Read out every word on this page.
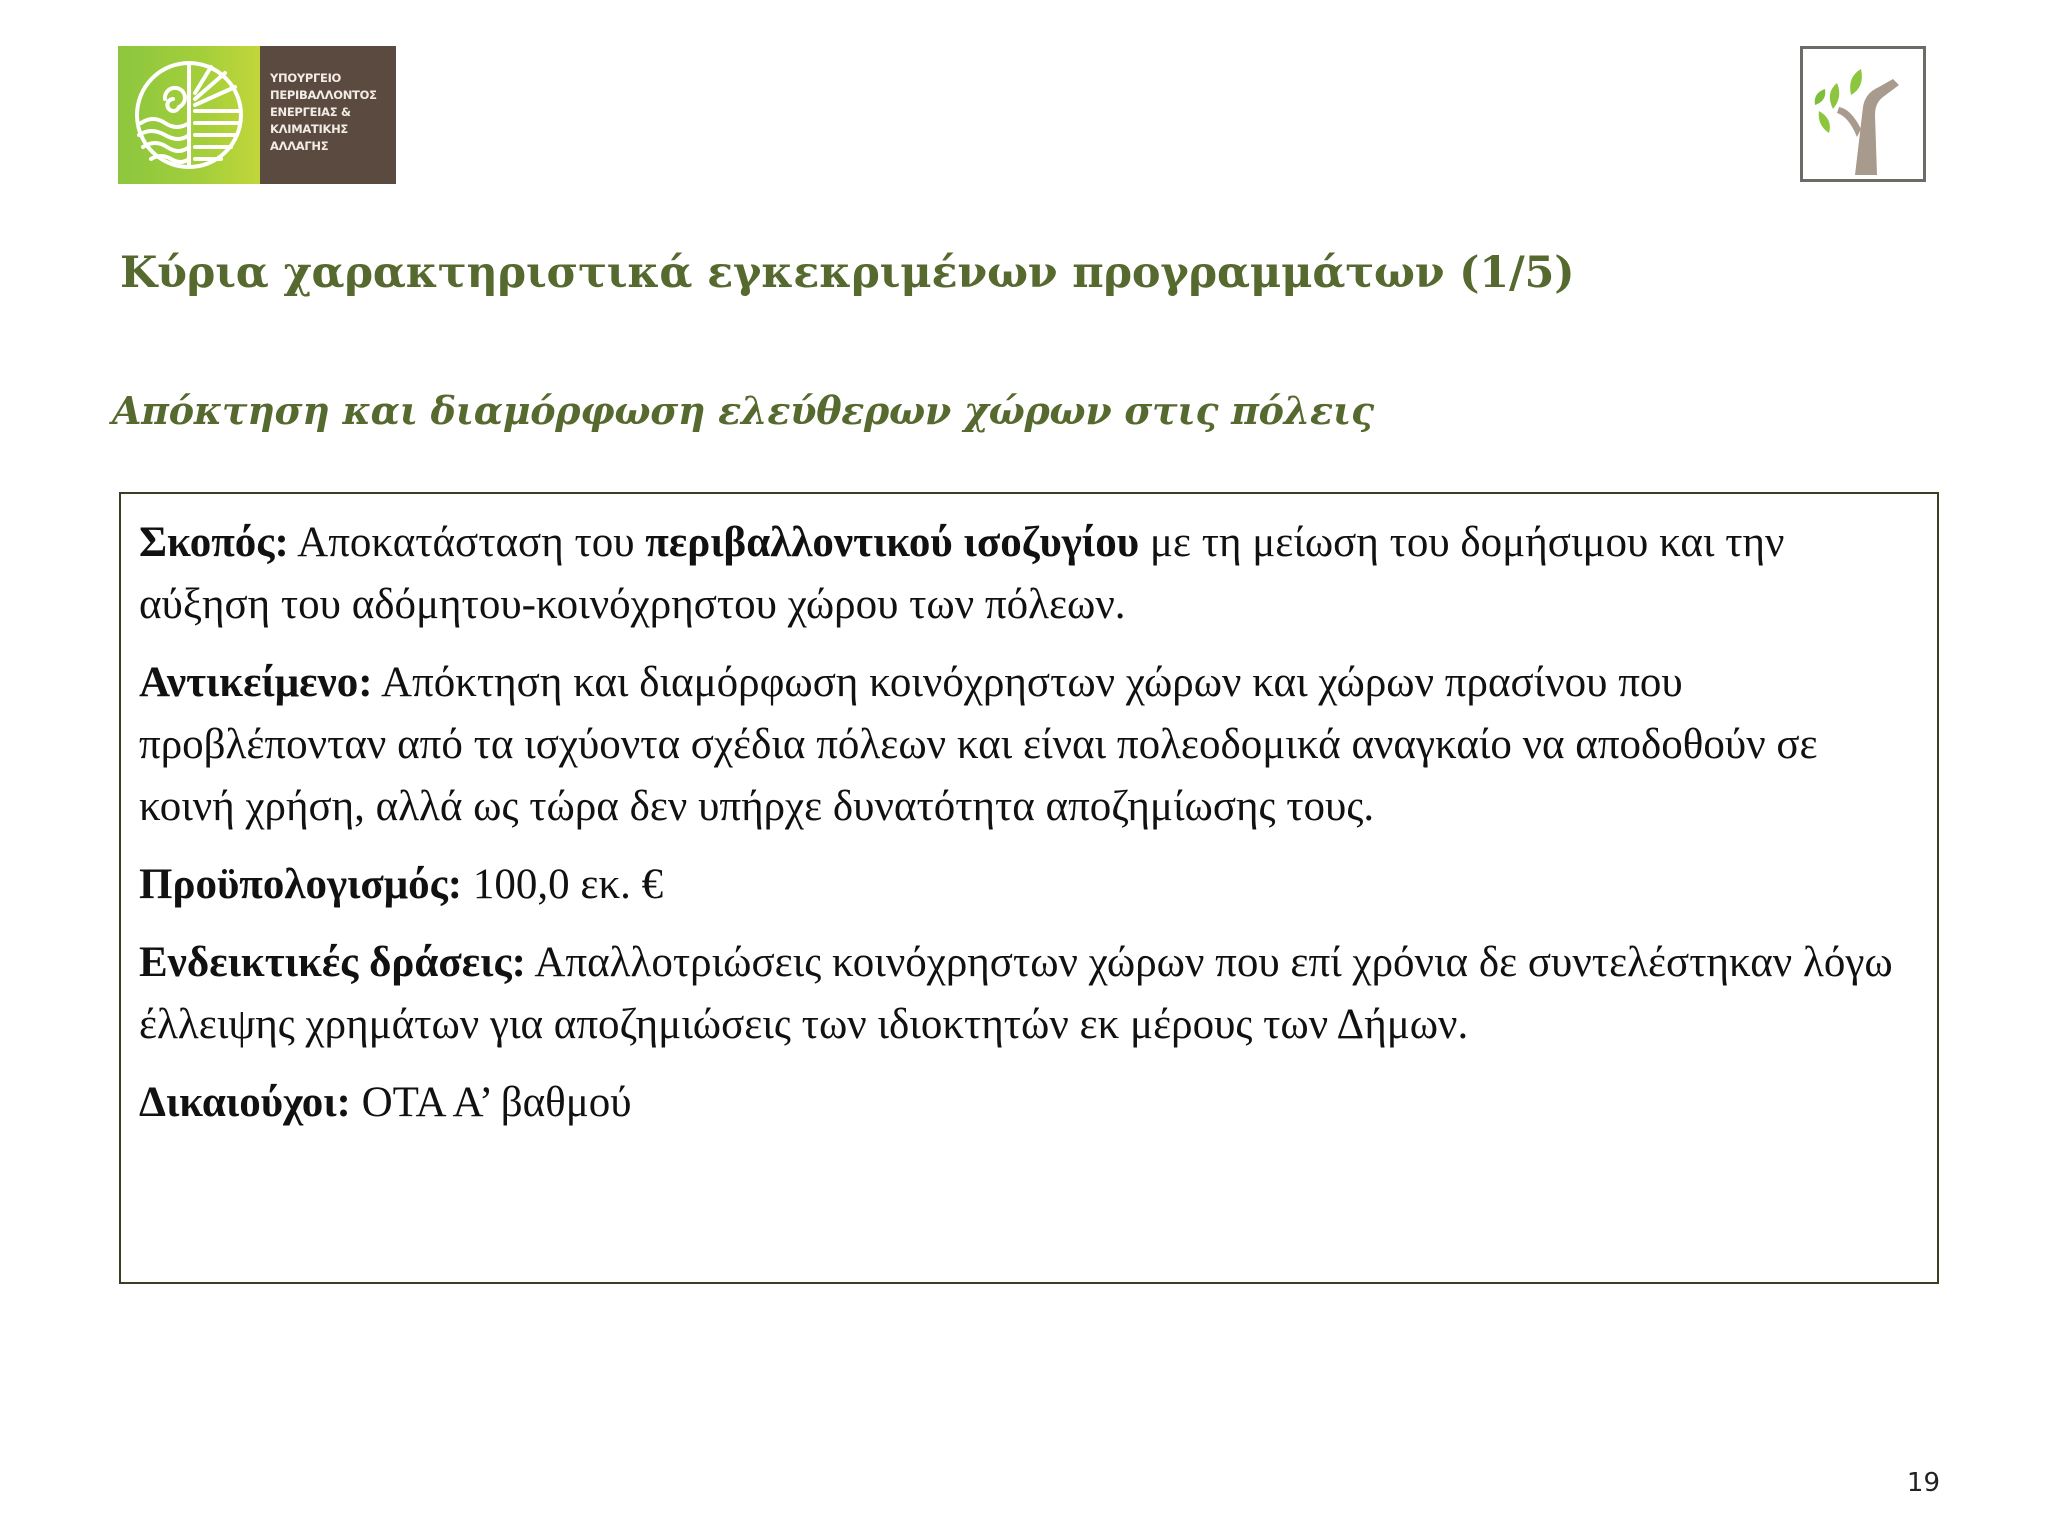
ΥΠΟΥΡΓΕΙΟ
ΠΕΡΙΒΑΛΛΟΝΤΟΣ
ΕΝΕΡΓΕΙΑΣ &
ΚΛΙΜΑΤΙΚΗΣ
ΑΛΛΑΓΗΣ
Κύρια χαρακτηριστικά εγκεκριμένων προγραμμάτων (1/5)
Απόκτηση και διαμόρφωση ελεύθερων χώρων στις πόλεις

Σκοπός: Αποκατάσταση του περιβαλλοντικού ισοζυγίου με τη μείωση του δομήσιμου και την αύξηση του αδόμητου-κοινόχρηστου χώρου των πόλεων.

Αντικείμενο: Απόκτηση και διαμόρφωση κοινόχρηστων χώρων και χώρων πρασίνου που προβλέπονταν από τα ισχύοντα σχέδια πόλεων και είναι πολεοδομικά αναγκαίο να αποδοθούν σε κοινή χρήση, αλλά ως τώρα δεν υπήρχε δυνατότητα αποζημίωσης τους.

Προϋπολογισμός: 100,0 εκ. €

Ενδεικτικές δράσεις: Απαλλοτριώσεις κοινόχρηστων χώρων που επί χρόνια δε συντελέστηκαν λόγω έλλειψης χρημάτων για αποζημιώσεις των ιδιοκτητών εκ μέρους των Δήμων.

Δικαιούχοι: ΟΤΑ Α’ βαθμού

19
